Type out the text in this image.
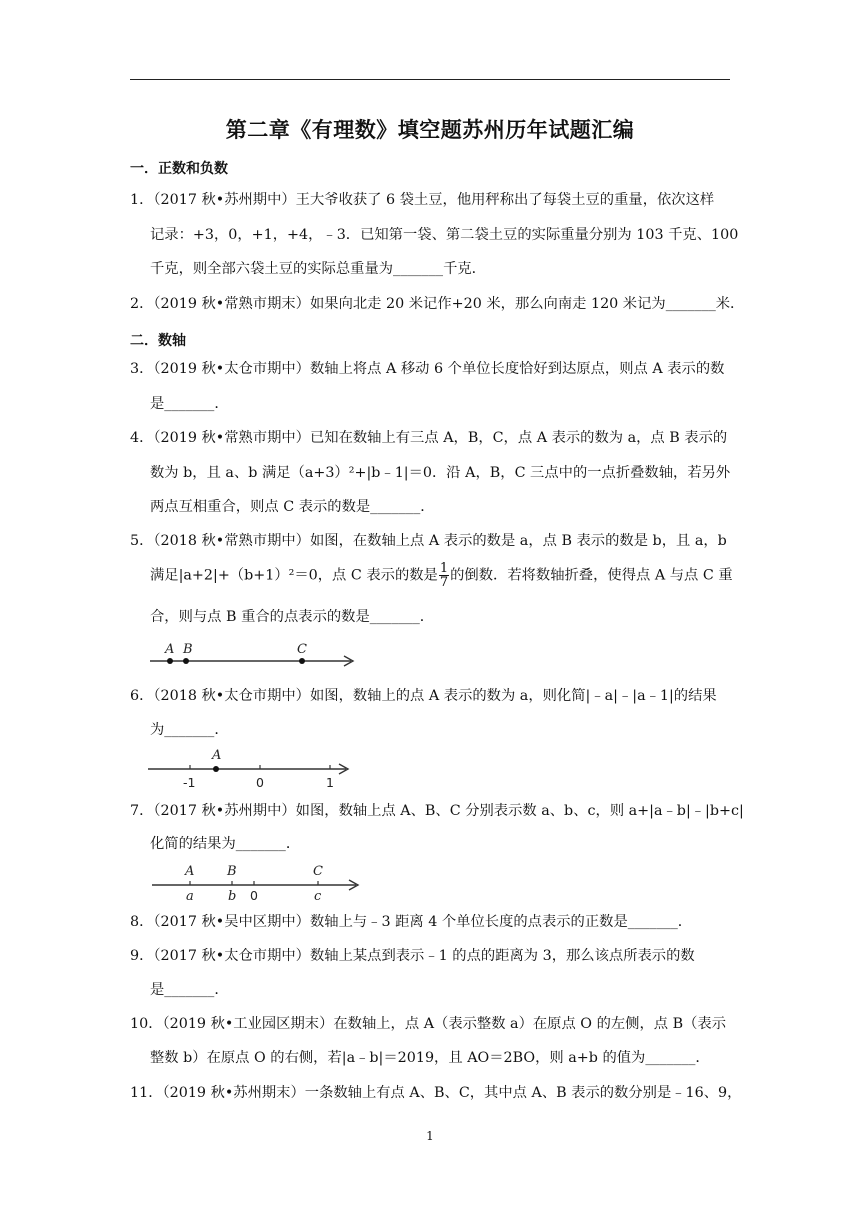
第二章《有理数》填空题苏州历年试题汇编
一．正数和负数
1．（2017 秋•苏州期中）王大爷收获了 6 袋土豆，他用秤称出了每袋土豆的重量，依次这样
记录：+3，0，+1，+4，﹣3．已知第一袋、第二袋土豆的实际重量分别为 103 千克、100
千克，则全部六袋土豆的实际总重量为_______千克．
2．（2019 秋•常熟市期末）如果向北走 20 米记作+20 米，那么向南走 120 米记为_______米．
二．数轴
3．（2019 秋•太仓市期中）数轴上将点 A 移动 6 个单位长度恰好到达原点，则点 A 表示的数
是_______．
4．（2019 秋•常熟市期中）已知在数轴上有三点 A，B，C，点 A 表示的数为 a，点 B 表示的
数为 b，且 a、b 满足（a+3）²+|b﹣1|＝0．沿 A，B，C 三点中的一点折叠数轴，若另外
两点互相重合，则点 C 表示的数是_______．
5．（2018 秋•常熟市期中）如图，在数轴上点 A 表示的数是 a，点 B 表示的数是 b，且 a，b
满足|a+2|+（b+1）²＝0，点 C 表示的数是 $\frac{1}{7}$ 的倒数．若将数轴折叠，使得点 A 与点 C 重
合，则与点 B 重合的点表示的数是_______．
A B	C
6．（2018 秋•太仓市期中）如图，数轴上的点 A 表示的数为 a，则化简|﹣a|﹣|a﹣1|的结果
为_______．
A
-1	0	1
7．（2017 秋•苏州期中）如图，数轴上点 A、B、C 分别表示数 a、b、c，则 a+|a﹣b|﹣|b+c|
化简的结果为_______．
A	B	C
a	b 0	c
8．（2017 秋•吴中区期中）数轴上与﹣3 距离 4 个单位长度的点表示的正数是_______．
9．（2017 秋•太仓市期中）数轴上某点到表示﹣1 的点的距离为 3，那么该点所表示的数
是_______．
10．（2019 秋•工业园区期末）在数轴上，点 A（表示整数 a）在原点 O 的左侧，点 B（表示
整数 b）在原点 O 的右侧，若|a﹣b|＝2019，且 AO＝2BO，则 a+b 的值为_______．
11．（2019 秋•苏州期末）一条数轴上有点 A、B、C，其中点 A、B 表示的数分别是﹣16、9，
1
